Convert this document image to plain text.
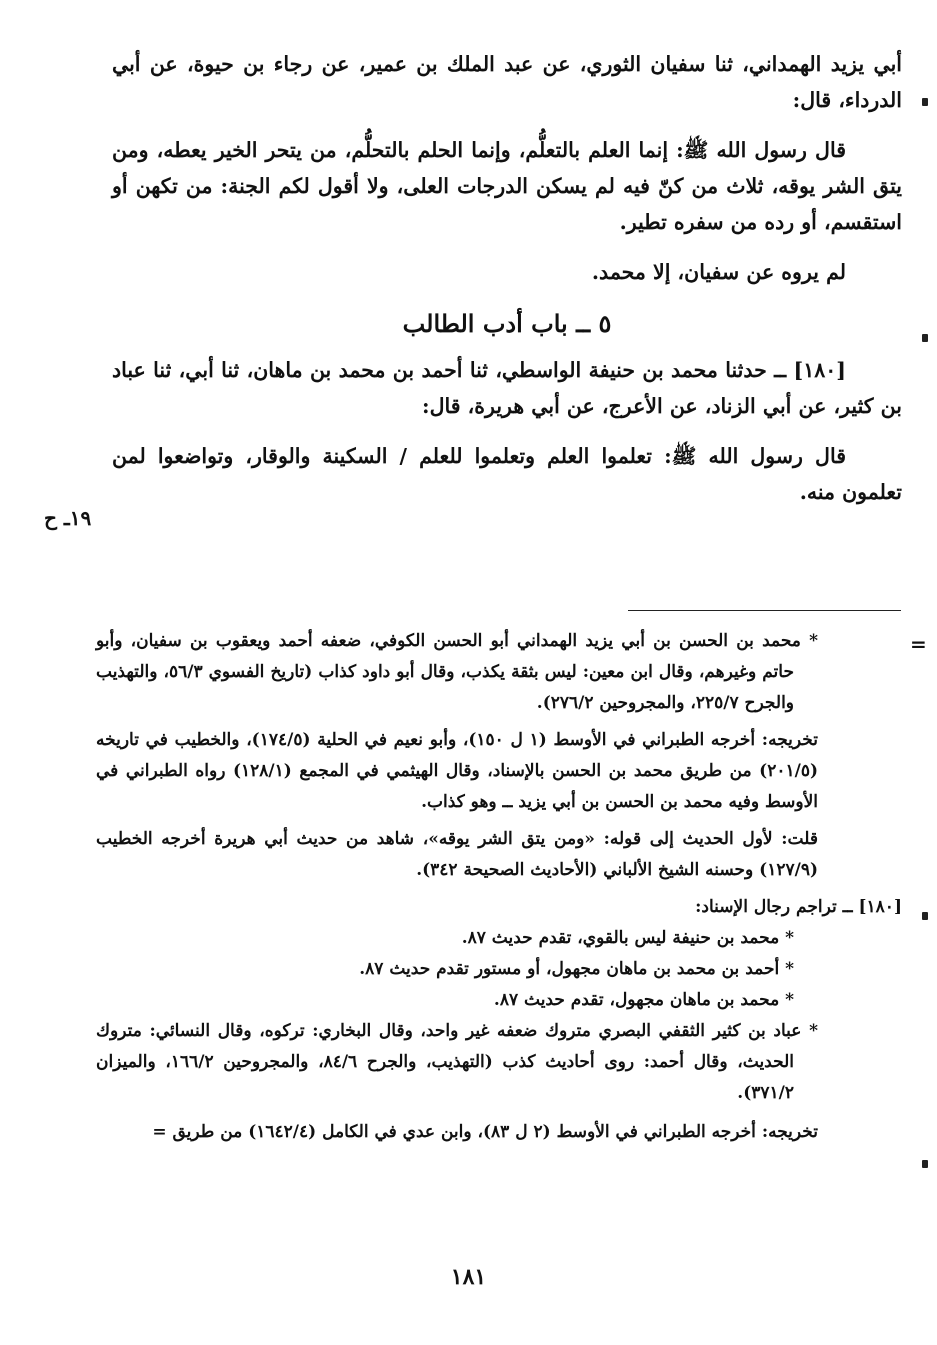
أبي يزيد الهمداني، ثنا سفيان الثوري، عن عبد الملك بن عمير، عن رجاء بن حيوة، عن أبي الدرداء، قال:

قال رسول الله ﷺ: إنما العلم بالتعلُّم، وإنما الحلم بالتحلُّم، من يتحر الخير يعطه، ومن يتق الشر يوقه، ثلاث من كنّ فيه لم يسكن الدرجات العلى، ولا أقول لكم الجنة: من تكهن أو استقسم، أو رده من سفره تطير.

لم يروه عن سفيان، إلا محمد.

٥ ــ باب أدب الطالب

[١٨٠] ــ حدثنا محمد بن حنيفة الواسطي، ثنا أحمد بن محمد بن ماهان، ثنا أبي، ثنا عباد بن كثير، عن أبي الزناد، عن الأعرج، عن أبي هريرة، قال:

قال رسول الله ﷺ: تعلموا العلم وتعلموا للعلم / السكينة والوقار، وتواضعوا لمن تعلمون منه.

١٩ـ ح
=

* محمد بن الحسن بن أبي يزيد الهمداني أبو الحسن الكوفي، ضعفه أحمد ويعقوب بن سفيان، وأبو حاتم وغيرهم، وقال ابن معين: ليس بثقة يكذب، وقال أبو داود كذاب (تاريخ الفسوي ٥٦/٣، والتهذيب والجرح ٢٢٥/٧، والمجروحين ٢٧٦/٢).

تخريجه: أخرجه الطبراني في الأوسط (١ ل ١٥٠)، وأبو نعيم في الحلية (١٧٤/٥)، والخطيب في تاريخه (٢٠١/٥) من طريق محمد بن الحسن بالإسناد، وقال الهيثمي في المجمع (١٢٨/١) رواه الطبراني في الأوسط وفيه محمد بن الحسن بن أبي يزيد ــ وهو كذاب.

قلت: لأول الحديث إلى قوله: «ومن يتق الشر يوقه»، شاهد من حديث أبي هريرة أخرجه الخطيب (١٢٧/٩) وحسنه الشيخ الألباني (الأحاديث الصحيحة ٣٤٢).

[١٨٠] ــ تراجم رجال الإسناد:

* محمد بن حنيفة ليس بالقوي، تقدم حديث ٨٧.

* أحمد بن محمد بن ماهان مجهول، أو مستور تقدم حديث ٨٧.

* محمد بن ماهان مجهول، تقدم حديث ٨٧.

* عباد بن كثير الثقفي البصري متروك ضعفه غير واحد، وقال البخاري: تركوه، وقال النسائي: متروك الحديث، وقال أحمد: روى أحاديث كذب (التهذيب، والجرح ٨٤/٦، والمجروحين ١٦٦/٢، والميزان ٣٧١/٢).

تخريجه: أخرجه الطبراني في الأوسط (٢ ل ٨٣)، وابن عدي في الكامل (١٦٤٢/٤) من طريق =

١٨١
